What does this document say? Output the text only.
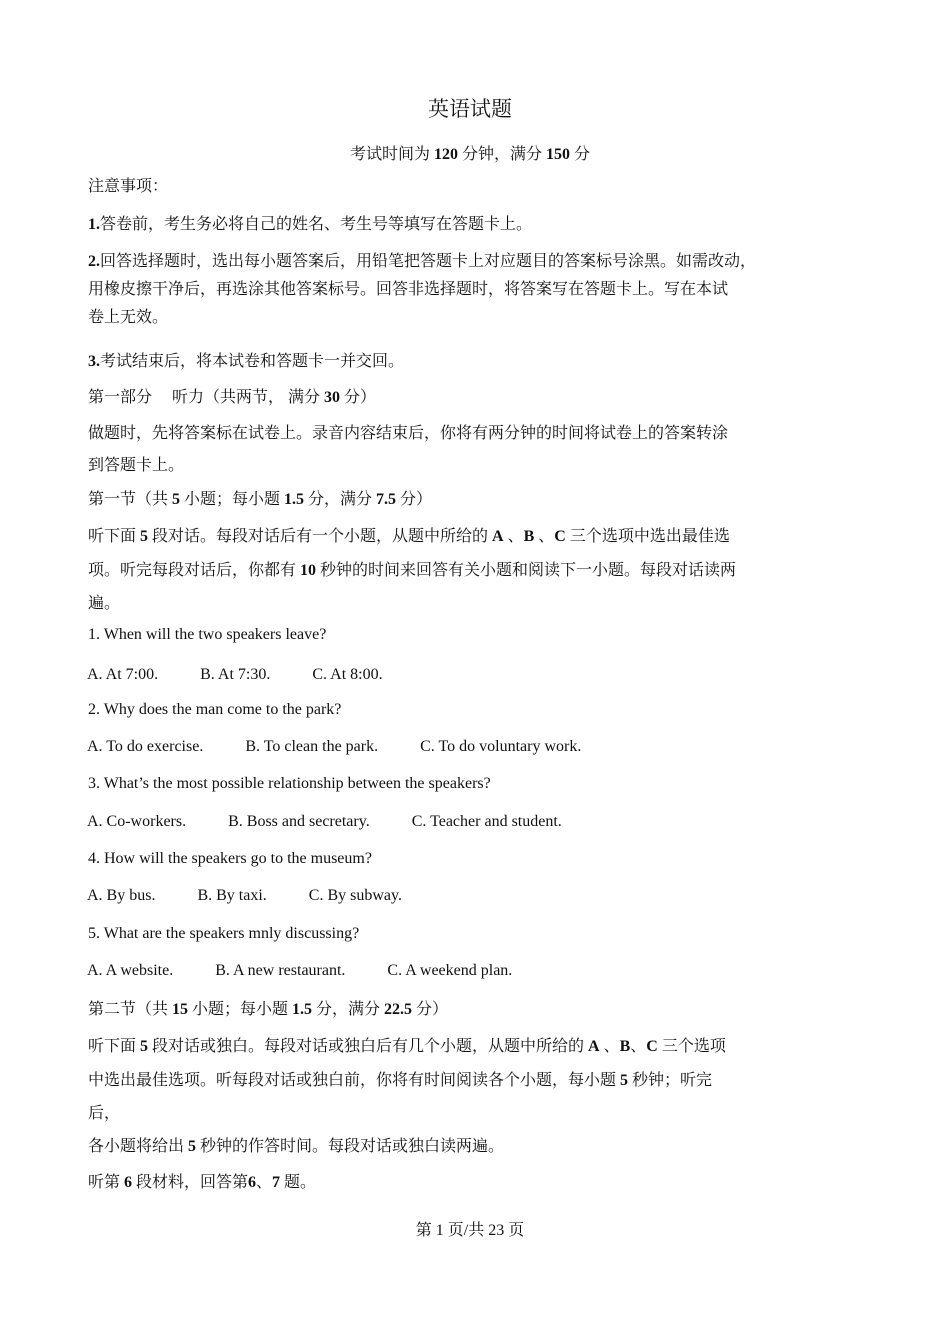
英语试题
考试时间为 120 分钟，满分 150 分
注意事项：
1.答卷前，考生务必将自己的姓名、考生号等填写在答题卡上。
2.回答选择题时，选出每小题答案后，用铅笔把答题卡上对应题目的答案标号涂黑。如需改动，
用橡皮擦干净后，再选涂其他答案标号。回答非选择题时，将答案写在答题卡上。写在本试
卷上无效。
3.考试结束后，将本试卷和答题卡一并交回。
第一部分　 听力（共两节， 满分 30 分）
做题时，先将答案标在试卷上。录音内容结束后，你将有两分钟的时间将试卷上的答案转涂
到答题卡上。
第一节（共 5 小题；每小题 1.5 分，满分 7.5 分）
听下面 5 段对话。每段对话后有一个小题，从题中所给的 A 、B 、C 三个选项中选出最佳选
项。听完每段对话后，你都有 10 秒钟的时间来回答有关小题和阅读下一小题。每段对话读两
遍。
1. When will the two speakers leave?
A. At 7:00.	B. At 7:30.	C. At 8:00.
2. Why does the man come to the park?
A. To do exercise.	B. To clean the park.	C. To do voluntary work.
3. What’s the most possible relationship between the speakers?
A. Co-workers.	B. Boss and secretary.	C. Teacher and student.
4. How will the speakers go to the museum?
A. By bus.	B. By taxi.	C. By subway.
5. What are the speakers mnly discussing?
A. A website.	B. A new restaurant.	C. A weekend plan.
第二节（共 15 小题；每小题 1.5 分，满分 22.5 分）
听下面 5 段对话或独白。每段对话或独白后有几个小题，从题中所给的 A 、B、C 三个选项
中选出最佳选项。听每段对话或独白前，你将有时间阅读各个小题，每小题 5 秒钟；听完
后，
各小题将给出 5 秒钟的作答时间。每段对话或独白读两遍。
听第 6 段材料，回答第6、7 题。
第 1 页/共 23 页
